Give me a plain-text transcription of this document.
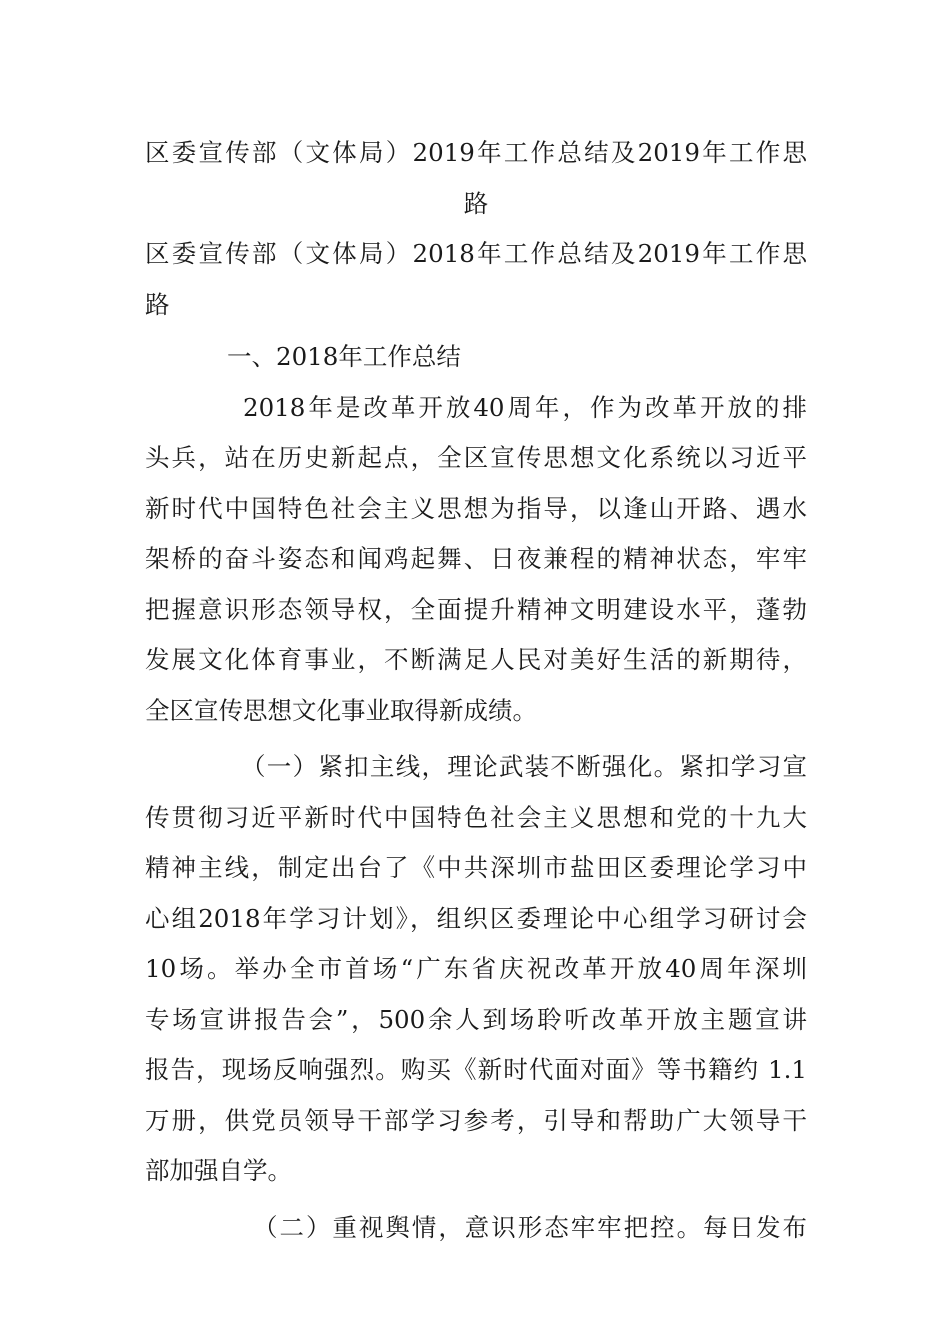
区委宣传部（文体局）2019年工作总结及2019年工作思
路
区委宣传部（文体局）2018年工作总结及2019年工作思
路
一、2018年工作总结
2018年是改革开放40周年，作为改革开放的排
头兵，站在历史新起点，全区宣传思想文化系统以习近平
新时代中国特色社会主义思想为指导，以逢山开路、遇水
架桥的奋斗姿态和闻鸡起舞、日夜兼程的精神状态，牢牢
把握意识形态领导权，全面提升精神文明建设水平，蓬勃
发展文化体育事业，不断满足人民对美好生活的新期待，
全区宣传思想文化事业取得新成绩。
（一）紧扣主线，理论武装不断强化。紧扣学习宣
传贯彻习近平新时代中国特色社会主义思想和党的十九大
精神主线，制定出台了《中共深圳市盐田区委理论学习中
心组2018年学习计划》，组织区委理论中心组学习研讨会
10场。举办全市首场“广东省庆祝改革开放40周年深圳
专场宣讲报告会”，500余人到场聆听改革开放主题宣讲
报告，现场反响强烈。购买《新时代面对面》等书籍约 1.1
万册，供党员领导干部学习参考，引导和帮助广大领导干
部加强自学。
（二）重视舆情，意识形态牢牢把控。每日发布
